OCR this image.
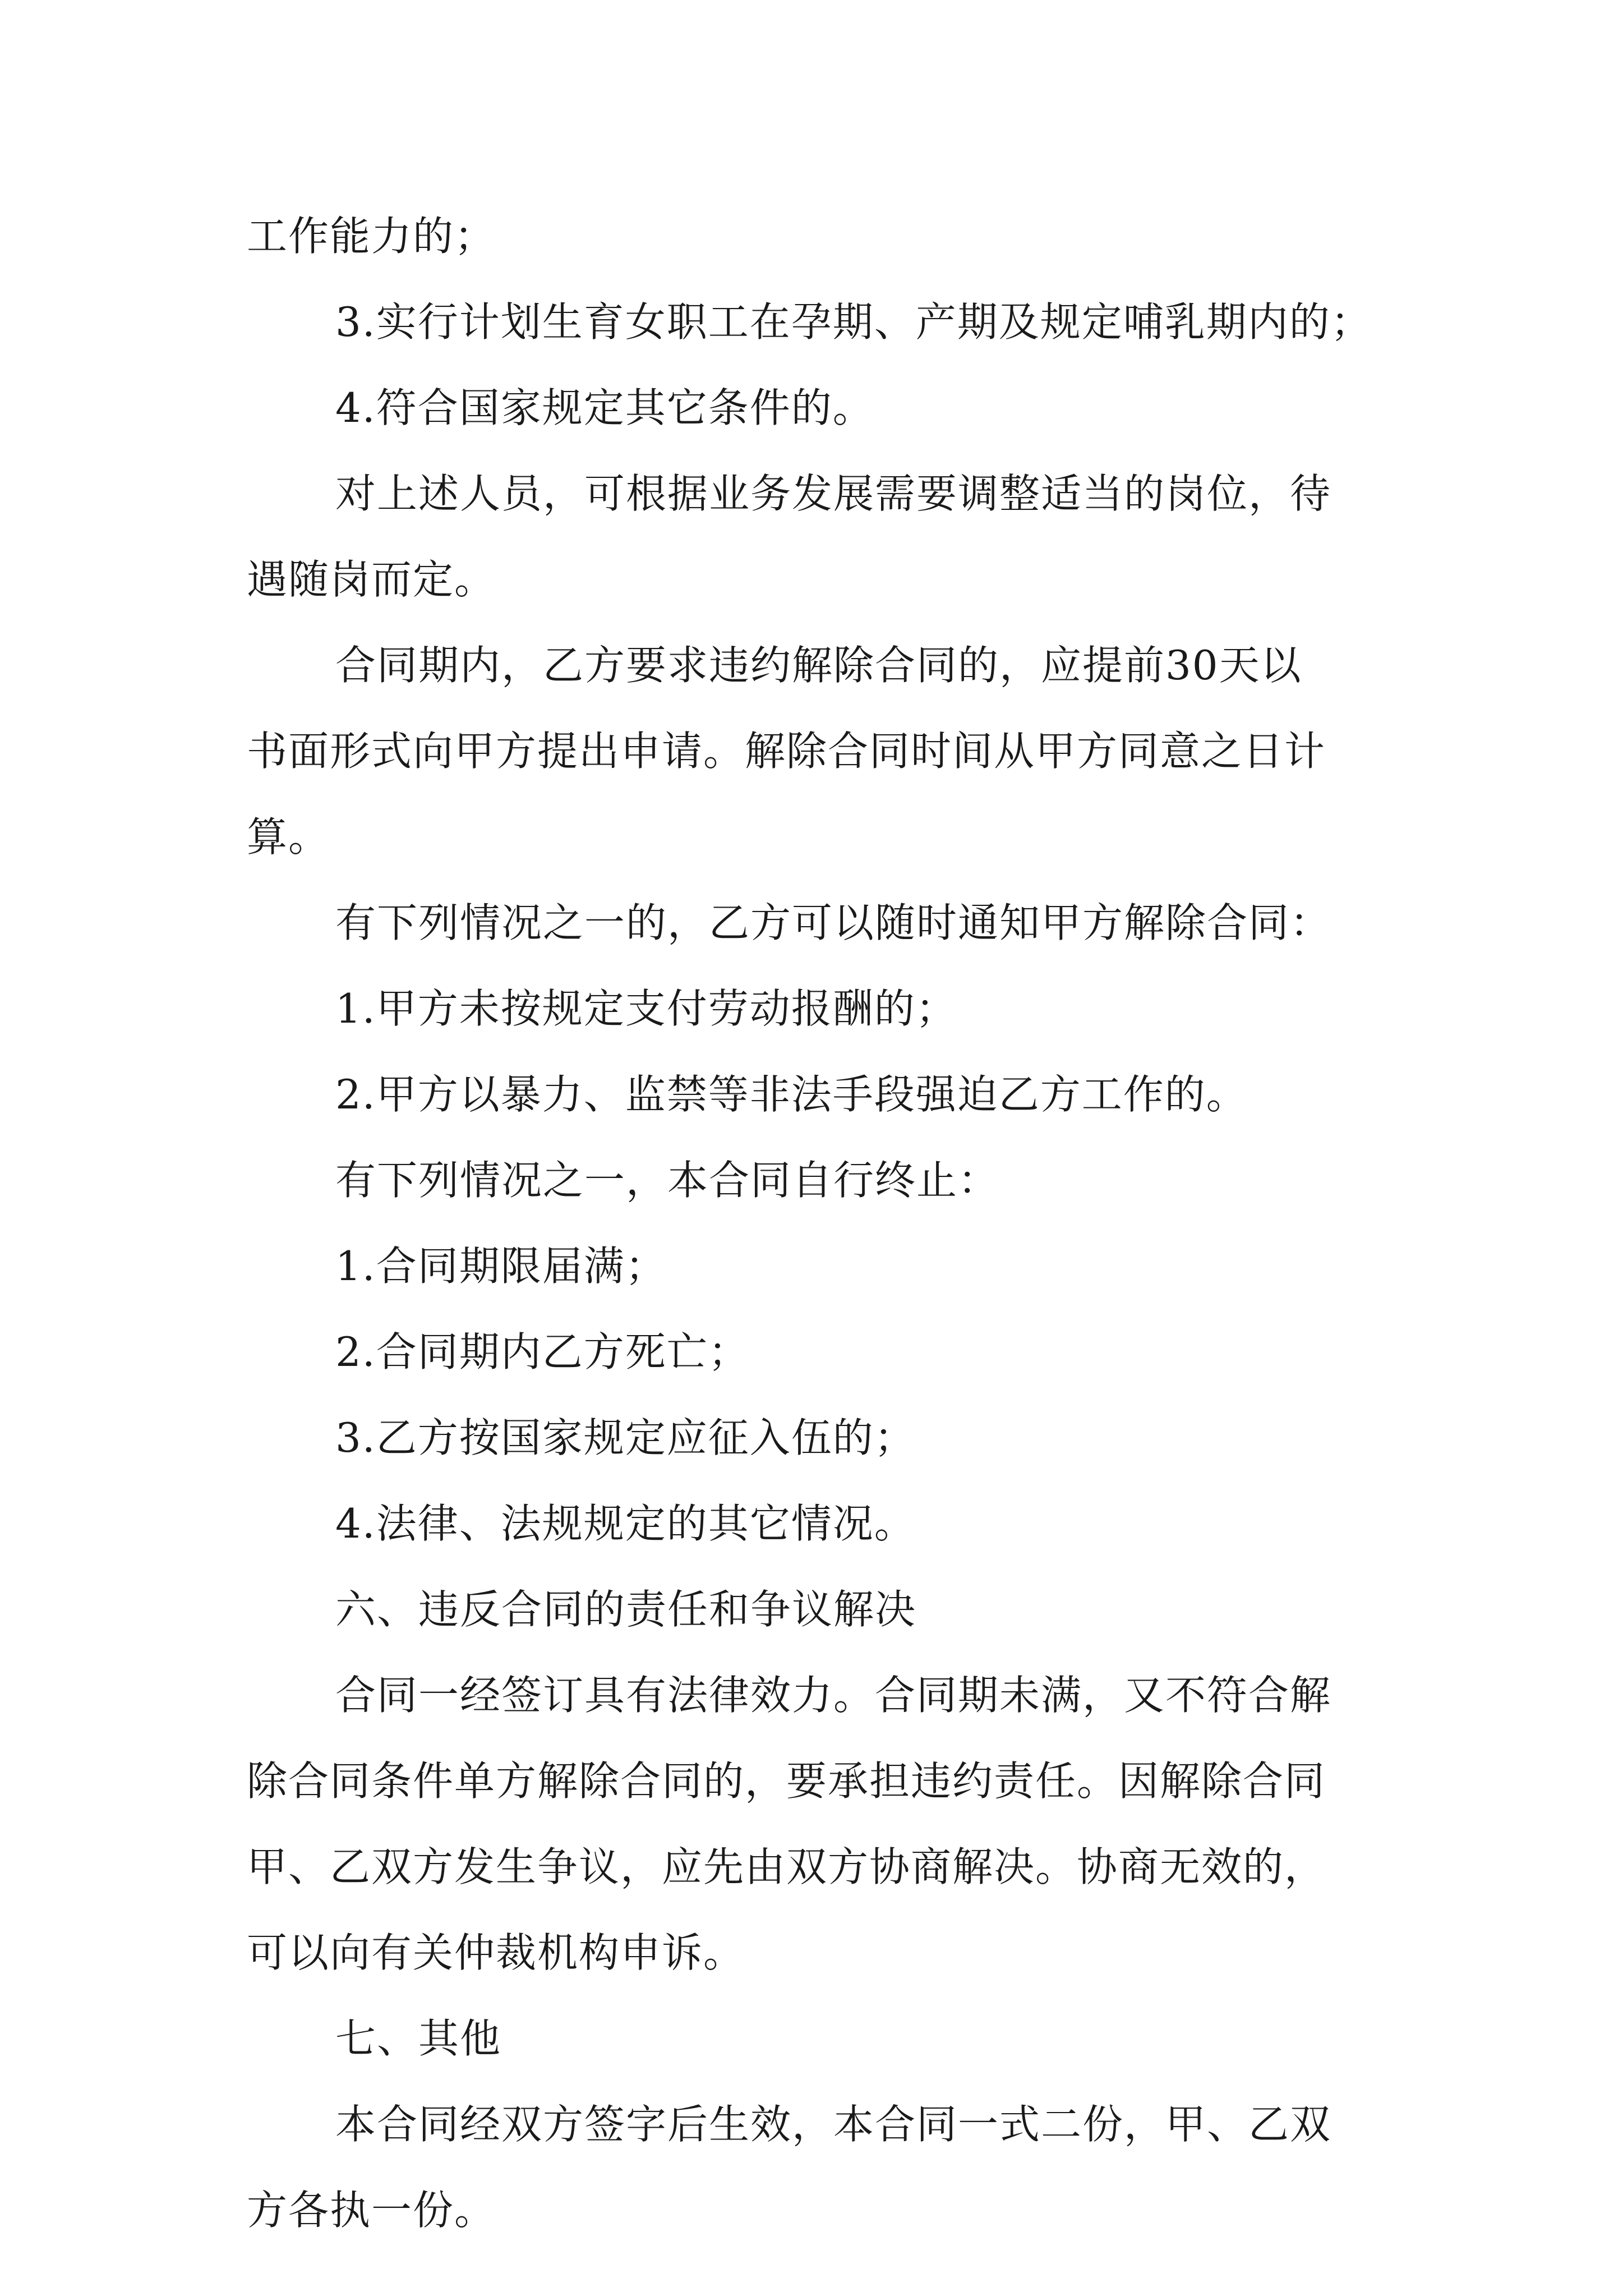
工作能力的；
3.实行计划生育女职工在孕期、产期及规定哺乳期内的；
4.符合国家规定其它条件的。
对上述人员，可根据业务发展需要调整适当的岗位，待
遇随岗而定。
合同期内，乙方要求违约解除合同的，应提前30天以
书面形式向甲方提出申请。解除合同时间从甲方同意之日计
算。
有下列情况之一的，乙方可以随时通知甲方解除合同：
1.甲方未按规定支付劳动报酬的；
2.甲方以暴力、监禁等非法手段强迫乙方工作的。
有下列情况之一，本合同自行终止：
1.合同期限届满；
2.合同期内乙方死亡；
3.乙方按国家规定应征入伍的；
4.法律、法规规定的其它情况。
六、违反合同的责任和争议解决
合同一经签订具有法律效力。合同期未满，又不符合解
除合同条件单方解除合同的，要承担违约责任。因解除合同
甲、乙双方发生争议，应先由双方协商解决。协商无效的，
可以向有关仲裁机构申诉。
七、其他
本合同经双方签字后生效，本合同一式二份，甲、乙双
方各执一份。
